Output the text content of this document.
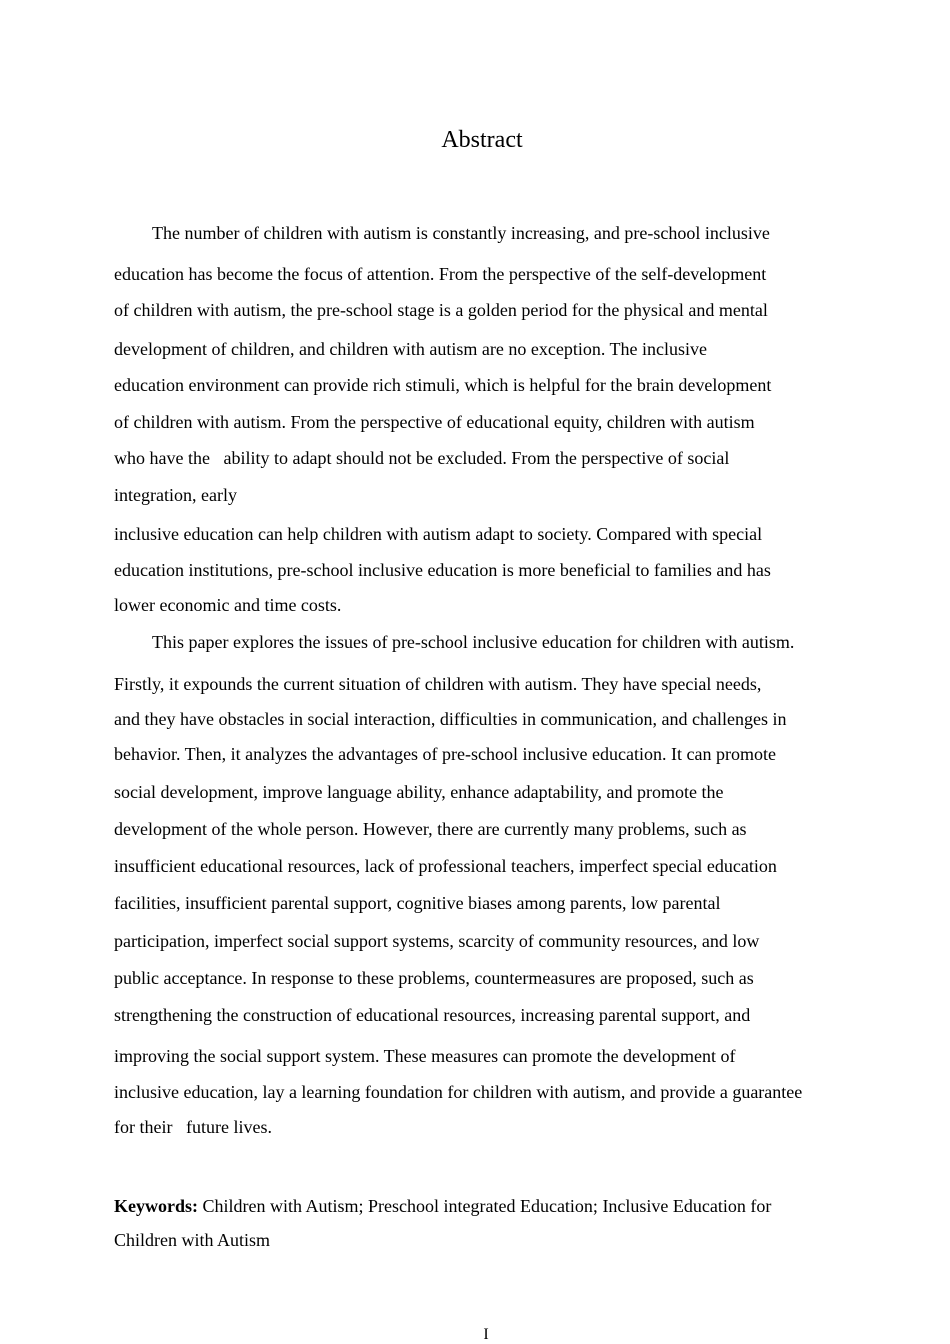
Abstract
The number of children with autism is constantly increasing, and pre-school inclusive
education has become the focus of attention. From the perspective of the self-development
of children with autism, the pre-school stage is a golden period for the physical and mental
development of children, and children with autism are no exception. The inclusive
education environment can provide rich stimuli, which is helpful for the brain development
of children with autism. From the perspective of educational equity, children with autism
who have the   ability to adapt should not be excluded. From the perspective of social
integration, early
inclusive education can help children with autism adapt to society. Compared with special
education institutions, pre-school inclusive education is more beneficial to families and has
lower economic and time costs.
This paper explores the issues of pre-school inclusive education for children with autism.
Firstly, it expounds the current situation of children with autism. They have special needs,
and they have obstacles in social interaction, difficulties in communication, and challenges in
behavior. Then, it analyzes the advantages of pre-school inclusive education. It can promote
social development, improve language ability, enhance adaptability, and promote the
development of the whole person. However, there are currently many problems, such as
insufficient educational resources, lack of professional teachers, imperfect special education
facilities, insufficient parental support, cognitive biases among parents, low parental
participation, imperfect social support systems, scarcity of community resources, and low
public acceptance. In response to these problems, countermeasures are proposed, such as
strengthening the construction of educational resources, increasing parental support, and
improving the social support system. These measures can promote the development of
inclusive education, lay a learning foundation for children with autism, and provide a guarantee
for their   future lives.
Keywords: Children with Autism; Preschool integrated Education; Inclusive Education for
Children with Autism
I
